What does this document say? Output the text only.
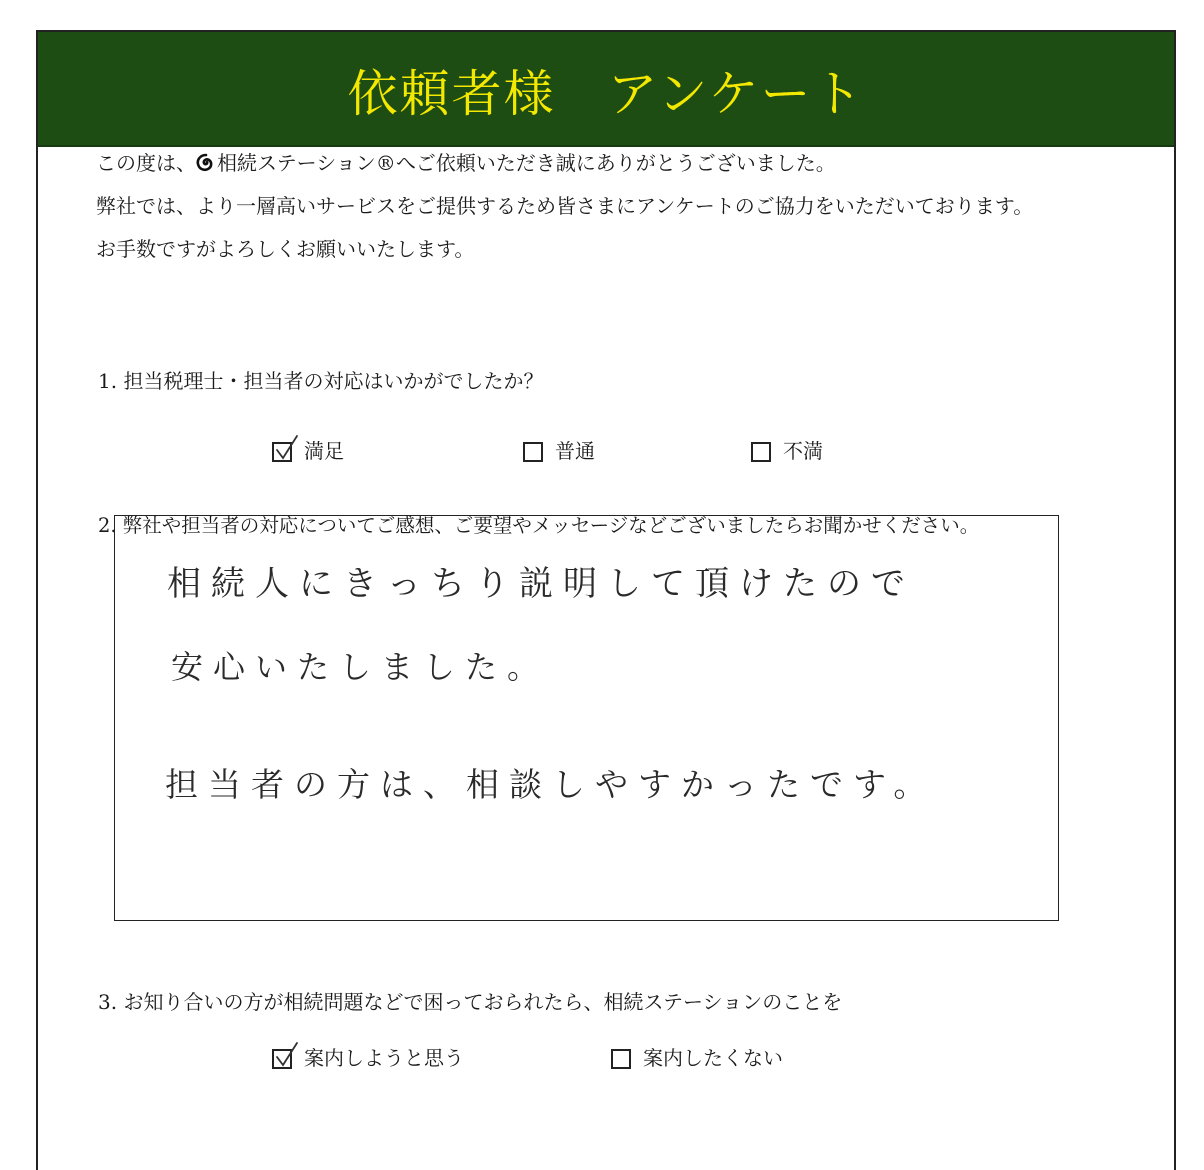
依頼者様　アンケート

この度は、 相続ステーション®へご依頼いただき誠にありがとうございました。

弊社では、より一層高いサービスをご提供するため皆さまにアンケートのご協力をいただいております。

お手数ですがよろしくお願いいたします。

1. 担当税理士・担当者の対応はいかがでしたか？
満足	普通	不満
2. 弊社や担当者の対応についてご感想、ご要望やメッセージなどございましたらお聞かせください。
相続人にきっちり説明して頂けたので
安心いたしました。
担当者の方は、相談しやすかったです。
3. お知り合いの方が相続問題などで困っておられたら、相続ステーションのことを
案内しようと思う	案内したくない
